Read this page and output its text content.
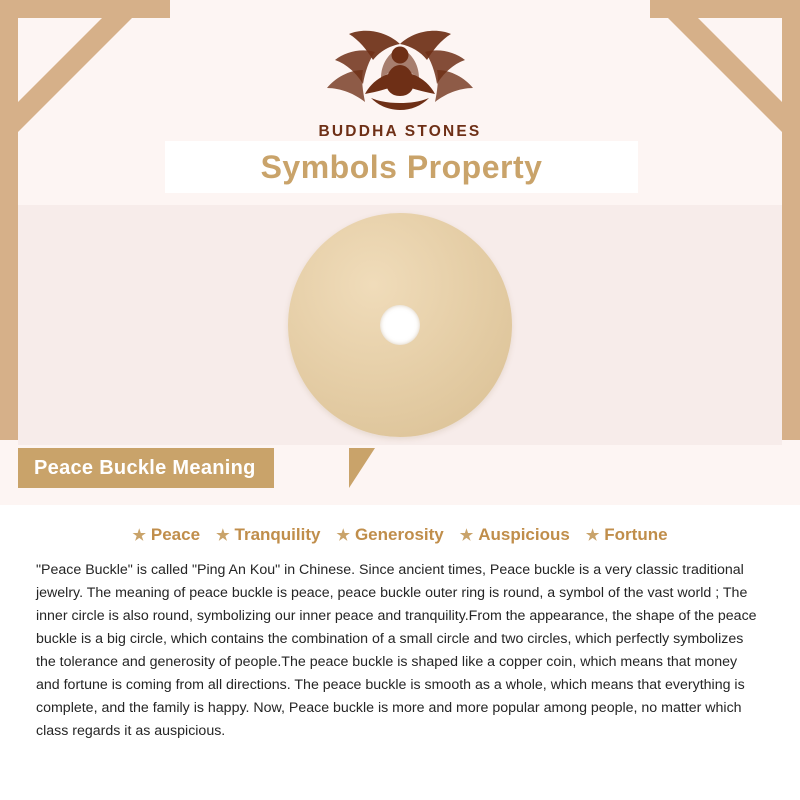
BUDDHA STONES
Symbols Property
Peace Buckle Meaning
★ Peace ★ Tranquility ★ Generosity ★ Auspicious ★ Fortune

"Peace Buckle" is called "Ping An Kou" in Chinese. Since ancient times, Peace buckle is a very classic traditional jewelry. The meaning of peace buckle is peace, peace buckle outer ring is round, a symbol of the vast world ; The inner circle is also round, symbolizing our inner peace and tranquility.From the appearance, the shape of the peace buckle is a big circle, which contains the combination of a small circle and two circles, which perfectly symbolizes the tolerance and generosity of people.The peace buckle is shaped like a copper coin, which means that money and fortune is coming from all directions. The peace buckle is smooth as a whole, which means that everything is complete, and the family is happy. Now, Peace buckle is more and more popular among people, no matter which class regards it as auspicious.
